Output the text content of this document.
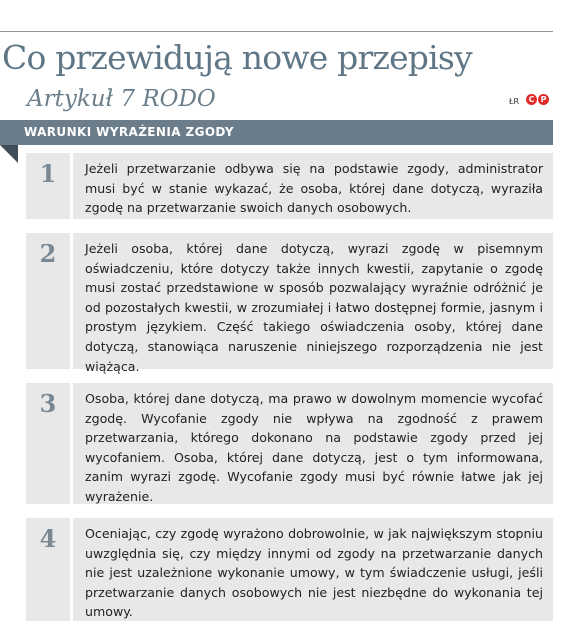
Co przewidują nowe przepisy
Artykuł 7 RODO	ŁR	C P
WARUNKI WYRAŻENIA ZGODY
1	Jeżeli przetwarzanie odbywa się na podstawie zgody, administrator musi być w stanie wykazać, że osoba, której dane dotyczą, wyraziła zgodę na przetwarzanie swoich danych osobowych.
2	Jeżeli osoba, której dane dotyczą, wyrazi zgodę w pisemnym oświadczeniu, które dotyczy także innych kwestii, zapytanie o zgodę musi zostać przedstawione w sposób pozwalający wyraźnie odróżnić je od pozostałych kwestii, w zrozumiałej i łatwo dostępnej formie, jasnym i prostym językiem. Część takiego oświadczenia osoby, której dane dotyczą, stanowiąca naruszenie niniejszego rozporządzenia nie jest wiążąca.
3	Osoba, której dane dotyczą, ma prawo w dowolnym momencie wycofać zgodę. Wycofanie zgody nie wpływa na zgodność z prawem przetwarzania, którego dokonano na podstawie zgody przed jej wycofaniem. Osoba, której dane dotyczą, jest o tym informowana, zanim wyrazi zgodę. Wycofanie zgody musi być równie łatwe jak jej wyrażenie.
4	Oceniając, czy zgodę wyrażono dobrowolnie, w jak największym stopniu uwzględnia się, czy między innymi od zgody na przetwarzanie danych nie jest uzależnione wykonanie umowy, w tym świadczenie usługi, jeśli przetwarzanie danych osobowych nie jest niezbędne do wykonania tej umowy.
